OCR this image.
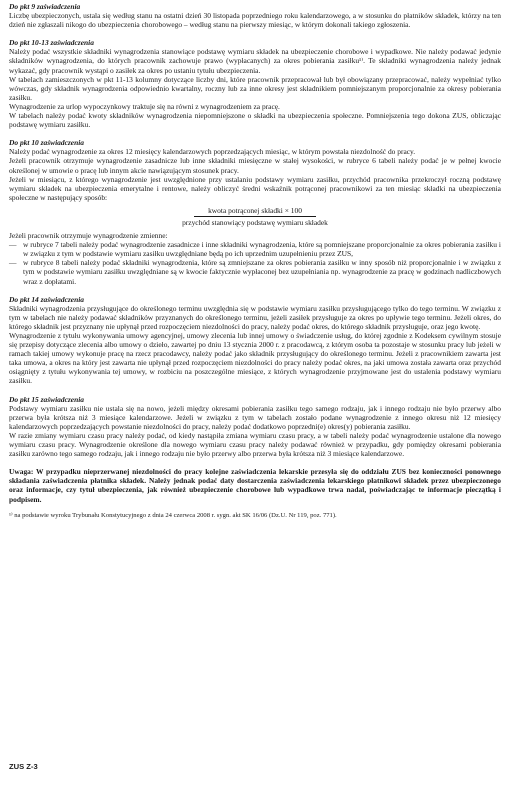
Do pkt 9 zaświadczenia

Liczbę ubezpieczonych, ustala się według stanu na ostatni dzień 30 listopada poprzedniego roku kalendarzowego, a w stosunku do płatników składek, którzy na ten dzień nie zgłaszali nikogo do ubezpieczenia chorobowego – według stanu na pierwszy miesiąc, w którym dokonali takiego zgłoszenia.

Do pkt 10-13 zaświadczenia

Należy podać wszystkie składniki wynagrodzenia stanowiące podstawę wymiaru składek na ubezpieczenie chorobowe i wypadkowe. Nie należy podawać jedynie składników wynagrodzenia, do których pracownik zachowuje prawo (wypłacanych) za okres pobierania zasiłku¹⁾. Te składniki wynagrodzenia należy jednak wykazać, gdy pracownik wystąpi o zasiłek za okres po ustaniu tytułu ubezpieczenia.

W tabelach zamieszczonych w pkt 11-13 kolumny dotyczące liczby dni, które pracownik przepracował lub był obowiązany przepracować, należy wypełniać tylko wówczas, gdy składnik wynagrodzenia odpowiednio kwartalny, roczny lub za inne okresy jest składnikiem pomniejszanym proporcjonalnie za okresy pobierania zasiłku.

Wynagrodzenie za urlop wypoczynkowy traktuje się na równi z wynagrodzeniem za pracę.

W tabelach należy podać kwoty składników wynagrodzenia niepomniejszone o składki na ubezpieczenia społeczne. Pomniejszenia tego dokona ZUS, obliczając podstawę wymiaru zasiłku.

Do pkt 10 zaświadczenia

Należy podać wynagrodzenie za okres 12 miesięcy kalendarzowych poprzedzających miesiąc, w którym powstała niezdolność do pracy.

Jeżeli pracownik otrzymuje wynagrodzenie zasadnicze lub inne składniki miesięczne w stałej wysokości, w rubryce 6 tabeli należy podać je w pełnej kwocie określonej w umowie o pracę lub innym akcie nawiązującym stosunek pracy.

Jeżeli w miesiącu, z którego wynagrodzenie jest uwzględnione przy ustalaniu podstawy wymiaru zasiłku, przychód pracownika przekroczył roczną podstawę wymiaru składek na ubezpieczenia emerytalne i rentowe, należy obliczyć średni wskaźnik potrąconej pracownikowi za ten miesiąc składki na ubezpieczenia społeczne w następujący sposób:

kwota potrąconej składki × 100
przychód stanowiący podstawę wymiaru składek

Jeżeli pracownik otrzymuje wynagrodzenie zmienne:

— w rubryce 7 tabeli należy podać wynagrodzenie zasadnicze i inne składniki wynagrodzenia, które są pomniejszane proporcjonalnie za okres pobierania zasiłku i w związku z tym w podstawie wymiaru zasiłku uwzględniane będą po ich uprzednim uzupełnieniu przez ZUS,
— w rubryce 8 tabeli należy podać składniki wynagrodzenia, które są zmniejszane za okres pobierania zasiłku w inny sposób niż proporcjonalnie i w związku z tym w podstawie wymiaru zasiłku uwzględniane są w kwocie faktycznie wypłaconej bez uzupełniania np. wynagrodzenie za pracę w godzinach nadliczbowych wraz z dopłatami.
Do pkt 14 zaświadczenia

Składniki wynagrodzenia przysługujące do określonego terminu uwzględnia się w podstawie wymiaru zasiłku przysługującego tylko do tego terminu. W związku z tym w tabelach nie należy podawać składników przyznanych do określonego terminu, jeżeli zasiłek przysługuje za okres po upływie tego terminu. Jeżeli okres, do którego składnik jest przyznany nie upłynął przed rozpoczęciem niezdolności do pracy, należy podać okres, do którego składnik przysługuje, oraz jego kwotę.

Wynagrodzenie z tytułu wykonywania umowy agencyjnej, umowy zlecenia lub innej umowy o świadczenie usług, do której zgodnie z Kodeksem cywilnym stosuje się przepisy dotyczące zlecenia albo umowy o dzieło, zawartej po dniu 13 stycznia 2000 r. z pracodawcą, z którym osoba ta pozostaje w stosunku pracy lub jeżeli w ramach takiej umowy wykonuje pracę na rzecz pracodawcy, należy podać jako składnik przysługujący do określonego terminu. Jeżeli z pracownikiem zawarta jest taka umowa, a okres na który jest zawarta nie upłynął przed rozpoczęciem niezdolności do pracy należy podać okres, na jaki umowa została zawarta oraz przychód osiągnięty z tytułu wykonywania tej umowy, w rozbiciu na poszczególne miesiące, z których wynagrodzenie przyjmowane jest do ustalenia podstawy wymiaru zasiłku.

Do pkt 15 zaświadczenia

Podstawy wymiaru zasiłku nie ustala się na nowo, jeżeli między okresami pobierania zasiłku tego samego rodzaju, jak i innego rodzaju nie było przerwy albo przerwa była krótsza niż 3 miesiące kalendarzowe. Jeżeli w związku z tym w tabelach zostało podane wynagrodzenie z innego okresu niż 12 miesięcy kalendarzowych poprzedzających powstanie niezdolności do pracy, należy podać dodatkowo poprzedni(e) okres(y) pobierania zasiłku.

W razie zmiany wymiaru czasu pracy należy podać, od kiedy nastąpiła zmiana wymiaru czasu pracy, a w tabeli należy podać wynagrodzenie ustalone dla nowego wymiaru czasu pracy. Wynagrodzenie określone dla nowego wymiaru czasu pracy należy podawać również w przypadku, gdy pomiędzy okresami pobierania zasiłku zarówno tego samego rodzaju, jak i innego rodzaju nie było przerwy albo przerwa była krótsza niż 3 miesiące kalendarzowe.

Uwaga: W przypadku nieprzerwanej niezdolności do pracy kolejne zaświadczenia lekarskie przesyła się do oddziału ZUS bez konieczności ponownego składania zaświadczenia płatnika składek. Należy jednak podać daty dostarczenia zaświadczenia lekarskiego płatnikowi składek przez ubezpieczonego oraz informacje, czy tytuł ubezpieczenia, jak również ubezpieczenie chorobowe lub wypadkowe trwa nadal, poświadczając te informacje pieczątką i podpisem.

¹⁾ na podstawie wyroku Trybunału Konstytucyjnego z dnia 24 czerwca 2008 r. sygn. akt SK 16/06 (Dz.U. Nr 119, poz. 771).

ZUS Z-3
